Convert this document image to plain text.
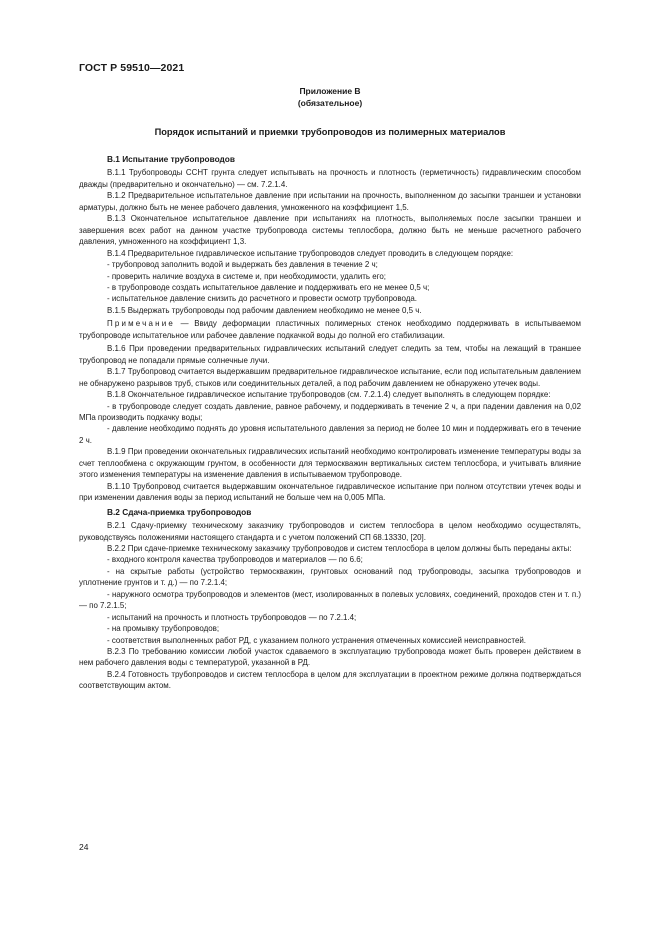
ГОСТ Р 59510—2021
Приложение В
(обязательное)
Порядок испытаний и приемки трубопроводов из полимерных материалов
В.1 Испытание трубопроводов
В.1.1 Трубопроводы ССНТ грунта следует испытывать на прочность и плотность (герметичность) гидравлическим способом дважды (предварительно и окончательно) — см. 7.2.1.4.
В.1.2 Предварительное испытательное давление при испытании на прочность, выполненном до засыпки траншеи и установки арматуры, должно быть не менее рабочего давления, умноженного на коэффициент 1,5.
В.1.3 Окончательное испытательное давление при испытаниях на плотность, выполняемых после засыпки траншеи и завершения всех работ на данном участке трубопровода системы теплосбора, должно быть не меньше расчетного рабочего давления, умноженного на коэффициент 1,3.
В.1.4 Предварительное гидравлическое испытание трубопроводов следует проводить в следующем порядке:
- трубопровод заполнить водой и выдержать без давления в течение 2 ч;
- проверить наличие воздуха в системе и, при необходимости, удалить его;
- в трубопроводе создать испытательное давление и поддерживать его не менее 0,5 ч;
- испытательное давление снизить до расчетного и провести осмотр трубопровода.
В.1.5 Выдержать трубопроводы под рабочим давлением необходимо не менее 0,5 ч.
Примечание — Ввиду деформации пластичных полимерных стенок необходимо поддерживать в испытываемом трубопроводе испытательное или рабочее давление подкачкой воды до полной его стабилизации.
В.1.6 При проведении предварительных гидравлических испытаний следует следить за тем, чтобы на лежащий в траншее трубопровод не попадали прямые солнечные лучи.
В.1.7 Трубопровод считается выдержавшим предварительное гидравлическое испытание, если под испытательным давлением не обнаружено разрывов труб, стыков или соединительных деталей, а под рабочим давлением не обнаружено утечек воды.
В.1.8 Окончательное гидравлическое испытание трубопроводов (см. 7.2.1.4) следует выполнять в следующем порядке:
- в трубопроводе следует создать давление, равное рабочему, и поддерживать в течение 2 ч, а при падении давления на 0,02 МПа производить подкачку воды;
- давление необходимо поднять до уровня испытательного давления за период не более 10 мин и поддерживать его в течение 2 ч.
В.1.9 При проведении окончательных гидравлических испытаний необходимо контролировать изменение температуры воды за счет теплообмена с окружающим грунтом, в особенности для термоскважин вертикальных систем теплосбора, и учитывать влияние этого изменения температуры на изменение давления в испытываемом трубопроводе.
В.1.10 Трубопровод считается выдержавшим окончательное гидравлическое испытание при полном отсутствии утечек воды и при изменении давления воды за период испытаний не больше чем на 0,005 МПа.
В.2 Сдача-приемка трубопроводов
В.2.1 Сдачу-приемку техническому заказчику трубопроводов и систем теплосбора в целом необходимо осуществлять, руководствуясь положениями настоящего стандарта и с учетом положений СП 68.13330, [20].
В.2.2 При сдаче-приемке техническому заказчику трубопроводов и систем теплосбора в целом должны быть переданы акты:
- входного контроля качества трубопроводов и материалов — по 6.6;
- на скрытые работы (устройство термоскважин, грунтовых оснований под трубопроводы, засыпка трубопроводов и уплотнение грунтов и т. д.) — по 7.2.1.4;
- наружного осмотра трубопроводов и элементов (мест, изолированных в полевых условиях, соединений, проходов стен и т. п.) — по 7.2.1.5;
- испытаний на прочность и плотность трубопроводов — по 7.2.1.4;
- на промывку трубопроводов;
- соответствия выполненных работ РД, с указанием полного устранения отмеченных комиссией неисправностей.
В.2.3 По требованию комиссии любой участок сдаваемого в эксплуатацию трубопровода может быть проверен действием в нем рабочего давления воды с температурой, указанной в РД.
В.2.4 Готовность трубопроводов и систем теплосбора в целом для эксплуатации в проектном режиме должна подтверждаться соответствующим актом.
24
